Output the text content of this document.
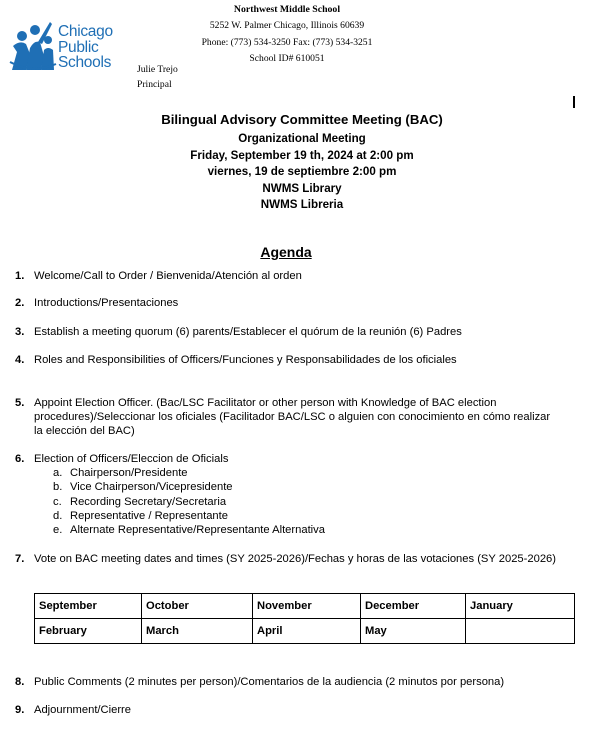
Chicago
Public
Schools
Northwest Middle School
5252 W. Palmer Chicago, Illinois 60639
Phone: (773) 534-3250 Fax: (773) 534-3251
School ID# 610051
Julie Trejo
Principal
Bilingual Advisory Committee Meeting (BAC)
Organizational Meeting
Friday, September 19 th, 2024 at 2:00 pm
viernes, 19 de septiembre 2:00 pm
NWMS Library
NWMS Libreria
Agenda
1. Welcome/Call to Order / Bienvenida/Atención al orden
2. Introductions/Presentaciones
3. Establish a meeting quorum (6) parents/Establecer el quórum de la reunión (6) Padres
4. Roles and Responsibilities of Officers/Funciones y Responsabilidades de los oficiales
5. Appoint Election Officer. (Bac/LSC Facilitator or other person with Knowledge of BAC election procedures)/Seleccionar los oficiales (Facilitador BAC/LSC o alguien con conocimiento en cómo realizar la elección del BAC)
6. Election of Officers/Eleccion de Oficials
a. Chairperson/Presidente
b. Vice Chairperson/Vicepresidente
c. Recording Secretary/Secretaria
d. Representative / Representante
e. Alternate Representative/Representante Alternativa
7. Vote on BAC meeting dates and times (SY 2025-2026)/Fechas y horas de las votaciones (SY 2025-2026)
September	October	November	December	January
February	March	April	May	
8. Public Comments (2 minutes per person)/Comentarios de la audiencia (2 minutos por persona)
9. Adjournment/Cierre
